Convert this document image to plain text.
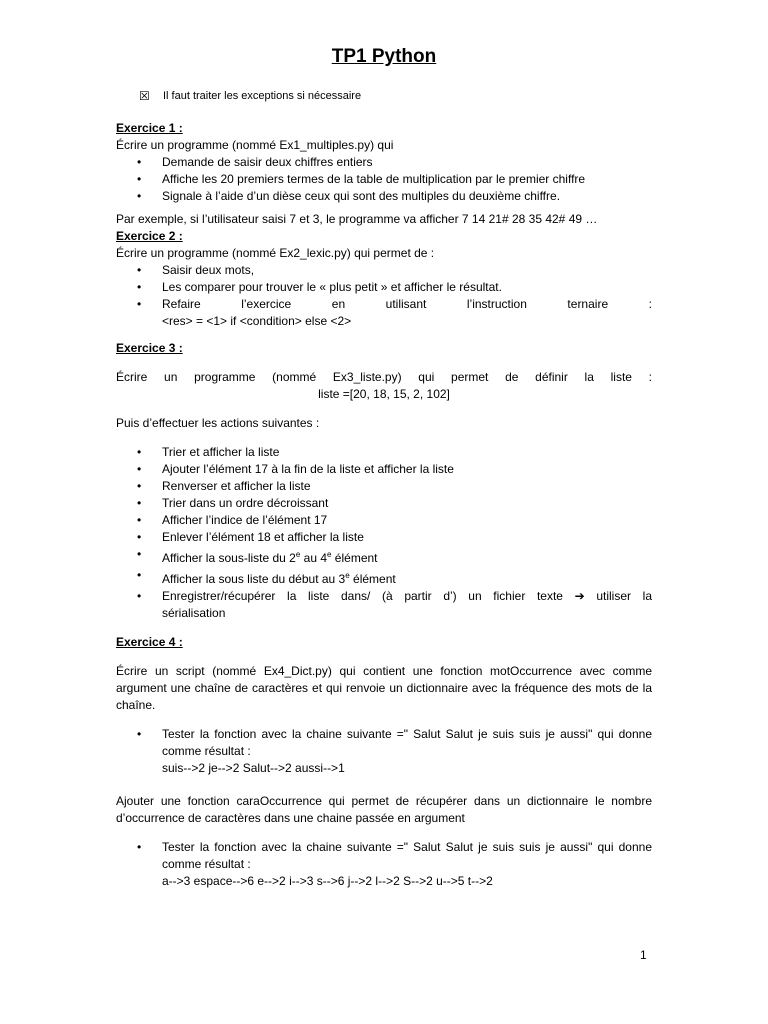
TP1 Python
☒ Il faut traiter les exceptions si nécessaire

Exercice 1 :

Écrire un programme (nommé Ex1_multiples.py) qui

• Demande de saisir deux chiffres entiers
• Affiche les 20 premiers termes de la table de multiplication par le premier chiffre
• Signale à l’aide d’un dièse ceux qui sont des multiples du deuxième chiffre.

Par exemple, si l’utilisateur saisi 7 et 3, le programme va afficher 7 14 21# 28 35 42# 49 …

Exercice 2 :

Écrire un programme (nommé Ex2_lexic.py) qui permet de :

• Saisir deux mots,
• Les comparer pour trouver le « plus petit » et afficher le résultat.
• Refaire l’exercice en utilisant l’instruction ternaire :
<res> = <1> if <condition> else <2>

Exercice 3 :

Écrire un programme (nommé Ex3_liste.py) qui permet de définir la liste :

liste =[20, 18, 15, 2, 102]

Puis d’effectuer les actions suivantes :

• Trier et afficher la liste
• Ajouter l’élément 17 à la fin de la liste et afficher la liste
• Renverser et afficher la liste
• Trier dans un ordre décroissant
• Afficher l’indice de l’élément 17
• Enlever l’élément 18 et afficher la liste
• Afficher la sous-liste du 2e au 4e élément
• Afficher la sous liste du début au 3e élément
• Enregistrer/récupérer la liste dans/ (à partir d’) un fichier texte ➔ utiliser la
sérialisation

Exercice 4 :

Écrire un script (nommé Ex4_Dict.py) qui contient une fonction motOccurrence avec comme argument une chaîne de caractères et qui renvoie un dictionnaire avec la fréquence des mots de la chaîne.

• Tester la fonction avec la chaine suivante =" Salut Salut je suis suis je aussi" qui donne comme résultat :
suis-->2 je-->2 Salut-->2 aussi-->1

Ajouter une fonction caraOccurrence qui permet de récupérer dans un dictionnaire le nombre d’occurrence de caractères dans une chaine passée en argument

• Tester la fonction avec la chaine suivante =" Salut Salut je suis suis je aussi" qui donne comme résultat :
a-->3 espace-->6 e-->2 i-->3 s-->6 j-->2 l-->2 S-->2 u-->5 t-->2
1
